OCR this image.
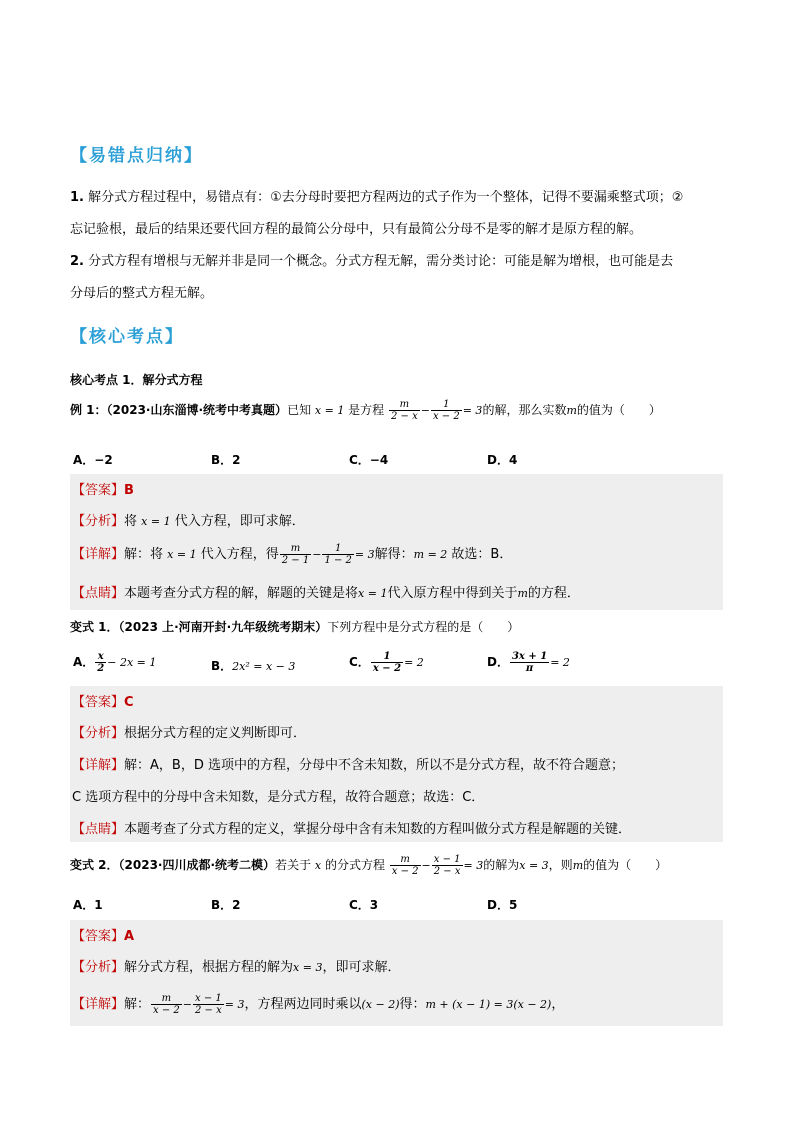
【易错点归纳】
1. 解分式方程过程中，易错点有：①去分母时要把方程两边的式子作为一个整体，记得不要漏乘整式项；②
忘记验根，最后的结果还要代回方程的最简公分母中，只有最简公分母不是零的解才是原方程的解。
2. 分式方程有增根与无解并非是同一个概念。分式方程无解，需分类讨论：可能是解为增根，也可能是去
分母后的整式方程无解。
【核心考点】
核心考点 1．解分式方程
例 1：（2023·山东淄博·统考中考真题）已知 x = 1 是方程 $\frac{m}{2 - x} - \frac{1}{x - 2} = 3$的解，那么实数m的值为（　　）
A．−2	B．2	C．−4	D．4
【答案】B
【分析】将 x = 1 代入方程，即可求解．
【详解】解：将 x = 1 代入方程，得 $\frac{m}{2 - 1} - \frac{1}{1 - 2} = 3$解得：m = 2 故选：B．
【点睛】本题考查分式方程的解，解题的关键是将x = 1代入原方程中得到关于m的方程．
变式 1．（2023 上·河南开封·九年级统考期末）下列方程中是分式方程的是（　　）
A． $\frac{x}{2} - 2x = 1$	B．2x² = x − 3	C． $\frac{1}{x - 2} = 2$	D． $\frac{3x + 1}{\pi} = 2$
【答案】C
【分析】根据分式方程的定义判断即可．
【详解】解：A，B，D 选项中的方程，分母中不含未知数，所以不是分式方程，故不符合题意；
C 选项方程中的分母中含未知数，是分式方程，故符合题意；故选：C．
【点睛】本题考查了分式方程的定义，掌握分母中含有未知数的方程叫做分式方程是解题的关键．
变式 2．（2023·四川成都·统考二模）若关于 x 的分式方程 $\frac{m}{x - 2} - \frac{x - 1}{2 - x} = 3$的解为x = 3，则m的值为（　　）
A．1	B．2	C．3	D．5
【答案】A
【分析】解分式方程，根据方程的解为x = 3，即可求解．
【详解】解： $\frac{m}{x - 2} - \frac{x - 1}{2 - x} = 3$，方程两边同时乘以(x − 2)得：m + (x − 1) = 3(x − 2)，
